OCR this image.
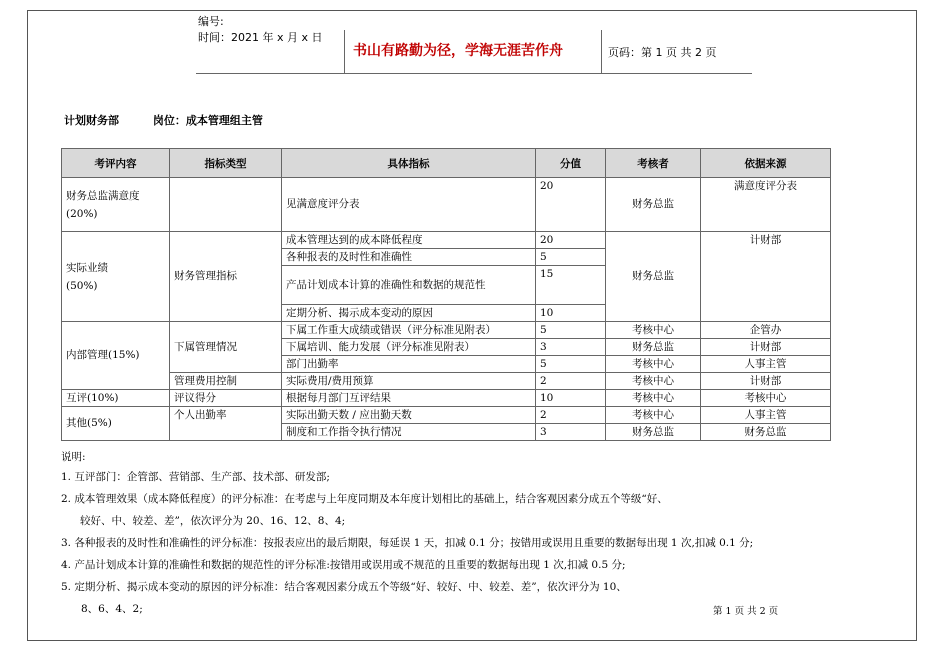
编号:
时间：2021 年 x 月 x 日
书山有路勤为径，学海无涯苦作舟	页码：第 1 页 共 2 页
计划财务部	岗位：成本管理组主管
考评内容	指标类型	具体指标	分值	考核者	依据来源

财务总监满意度
(20%)		见满意度评分表	20	财务总监	满意度评分表

实际业绩
(50%)	财务管理指标	成本管理达到的成本降低程度	20	财务总监	计财部
		各种报表的及时性和准确性	5		
		产品计划成本计算的准确性和数据的规范性	15		
		定期分析、揭示成本变动的原因	10		
内部管理(15%)	下属管理情况	下属工作重大成绩或错误（评分标准见附表）	5	考核中心	企管办
		下属培训、能力发展（评分标准见附表）	3	财务总监	计财部
		部门出勤率	5	考核中心	人事主管
	管理费用控制	实际费用/费用预算	2	考核中心	计财部
互评(10%)	评议得分	根据每月部门互评结果	10	考核中心	考核中心
其他(5%)	个人出勤率	实际出勤天数 / 应出勤天数	2	考核中心	人事主管
		制度和工作指令执行情况	3	财务总监	财务总监
说明:
1. 互评部门：企管部、营销部、生产部、技术部、研发部;
2. 成本管理效果（成本降低程度）的评分标准：在考虑与上年度同期及本年度计划相比的基础上，结合客观因素分成五个等级“好、
较好、中、较差、差”，依次评分为 20、16、12、8、4;
3. 各种报表的及时性和准确性的评分标准：按报表应出的最后期限，每延误 1 天，扣减 0.1 分；按错用或误用且重要的数据每出现 1 次,扣减 0.1 分;
4. 产品计划成本计算的准确性和数据的规范性的评分标准:按错用或误用或不规范的且重要的数据每出现 1 次,扣减 0.5 分;
5. 定期分析、揭示成本变动的原因的评分标准：结合客观因素分成五个等级“好、较好、中、较差、差”，依次评分为 10、
8、6、4、2;	第 1 页 共 2 页
